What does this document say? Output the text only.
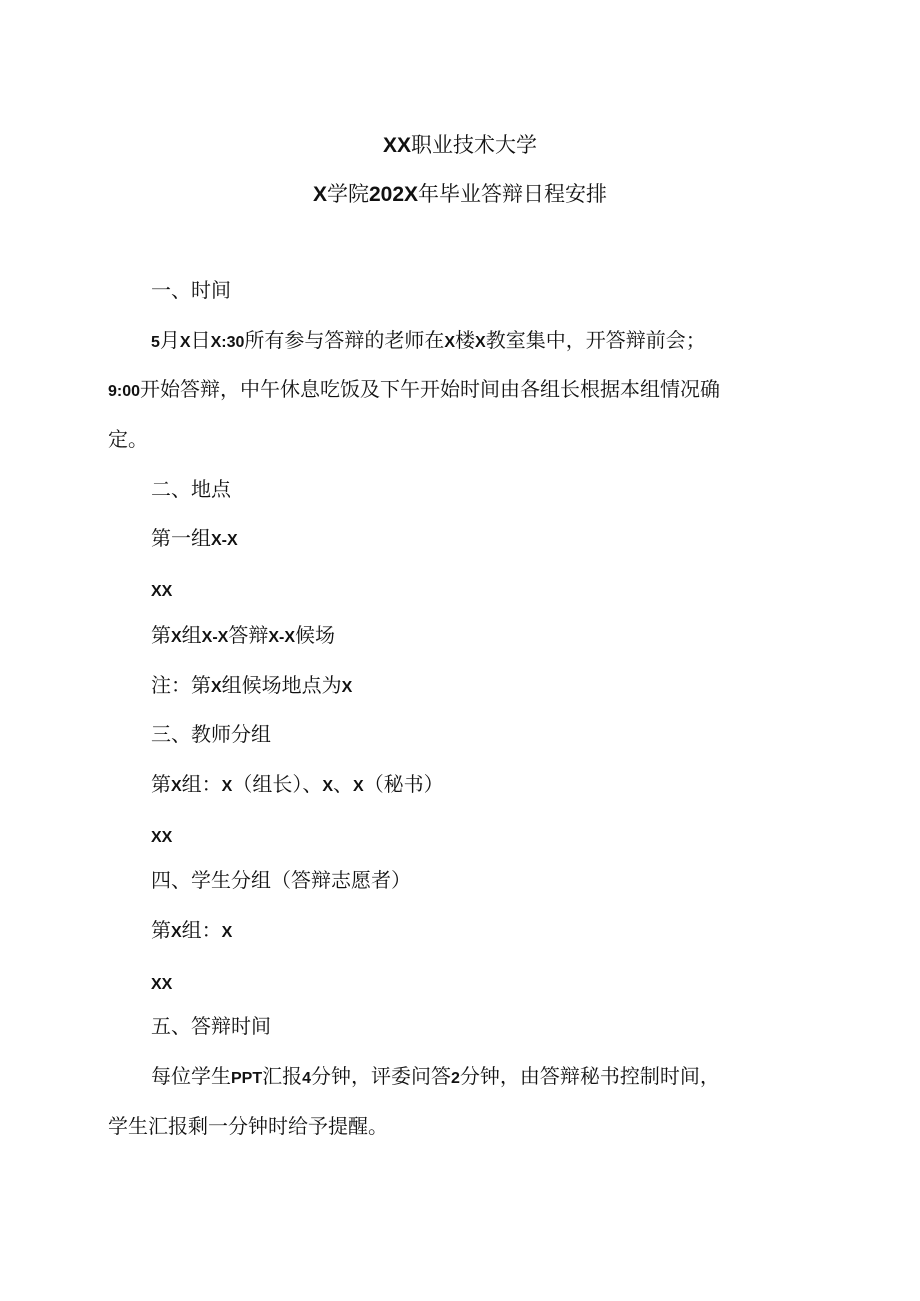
XX职业技术大学
X学院202X年毕业答辩日程安排
一、时间
5月X日X:30所有参与答辩的老师在X楼X教室集中，开答辩前会；
9:00开始答辩，中午休息吃饭及下午开始时间由各组长根据本组情况确
定。
二、地点
第一组X-X
XX
第X组X-X答辩X-X候场
注：第X组候场地点为X
三、教师分组
第X组：X（组长）、X、X（秘书）
XX
四、学生分组（答辩志愿者）
第X组：X
XX
五、答辩时间
每位学生PPT汇报4分钟，评委问答2分钟，由答辩秘书控制时间，
学生汇报剩一分钟时给予提醒。
